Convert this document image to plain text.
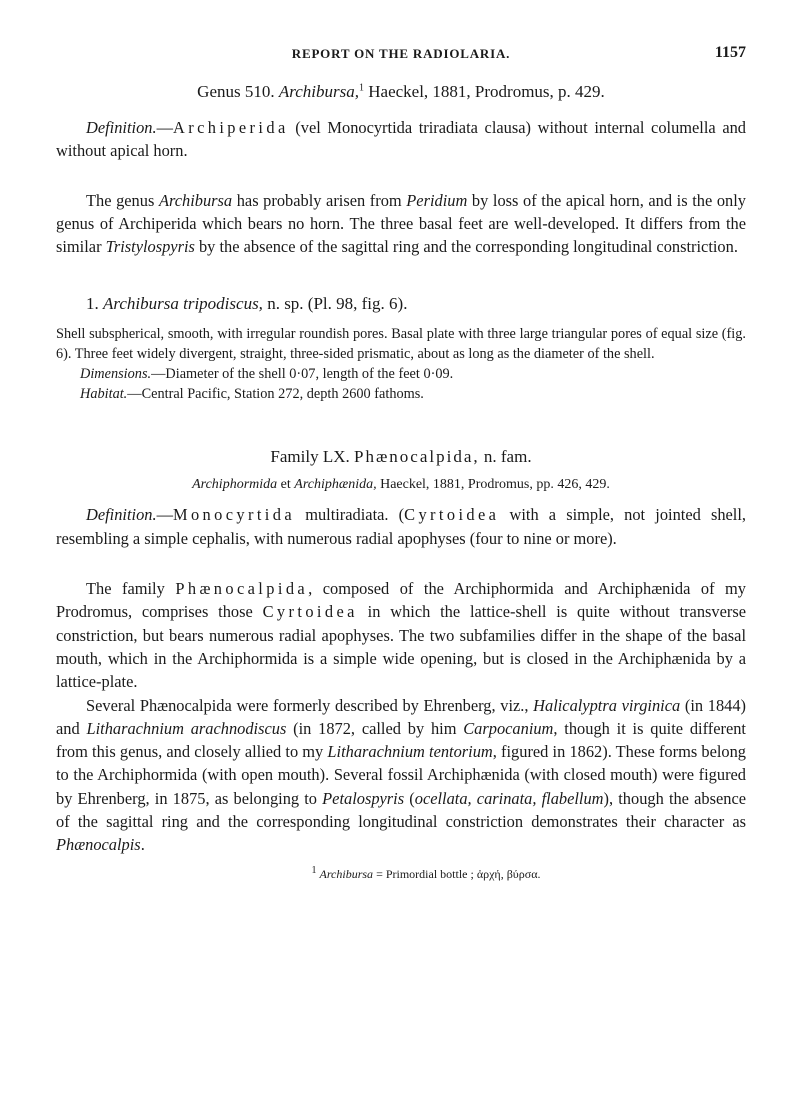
REPORT ON THE RADIOLARIA.	1157

Genus 510. Archibursa,$^1$ Haeckel, 1881, Prodromus, p. 429.

Definition.—Archiperida (vel Monocyrtida triradiata clausa) without internal columella and without apical horn.

The genus Archibursa has probably arisen from Peridium by loss of the apical horn, and is the only genus of Archiperida which bears no horn. The three basal feet are well-developed. It differs from the similar Tristylospyris by the absence of the sagittal ring and the corresponding longitudinal constriction.

1. Archibursa tripodiscus, n. sp. (Pl. 98, fig. 6).

Shell subspherical, smooth, with irregular roundish pores. Basal plate with three large triangular pores of equal size (fig. 6). Three feet widely divergent, straight, three-sided prismatic, about as long as the diameter of the shell.

Dimensions.—Diameter of the shell 0·07, length of the feet 0·09.

Habitat.—Central Pacific, Station 272, depth 2600 fathoms.

Family LX. Phænocalpida, n. fam.

Archiphormida et Archiphænida, Haeckel, 1881, Prodromus, pp. 426, 429.

Definition.—Monocyrtida multiradiata. (Cyrtoidea with a simple, not jointed shell, resembling a simple cephalis, with numerous radial apophyses (four to nine or more).

The family Phænocalpida, composed of the Archiphormida and Archiphænida of my Prodromus, comprises those Cyrtoidea in which the lattice-shell is quite without transverse constriction, but bears numerous radial apophyses. The two subfamilies differ in the shape of the basal mouth, which in the Archiphormida is a simple wide opening, but is closed in the Archiphænida by a lattice-plate.

Several Phænocalpida were formerly described by Ehrenberg, viz., Halicalyptra virginica (in 1844) and Litharachnium arachnodiscus (in 1872, called by him Carpocanium, though it is quite different from this genus, and closely allied to my Litharachnium tentorium, figured in 1862). These forms belong to the Archiphormida (with open mouth). Several fossil Archiphænida (with closed mouth) were figured by Ehrenberg, in 1875, as belonging to Petalospyris (ocellata, carinata, flabellum), though the absence of the sagittal ring and the corresponding longitudinal constriction demonstrates their character as Phænocalpis.

$^1$ Archibursa = Primordial bottle ; ἀρχή, βύρσα.
